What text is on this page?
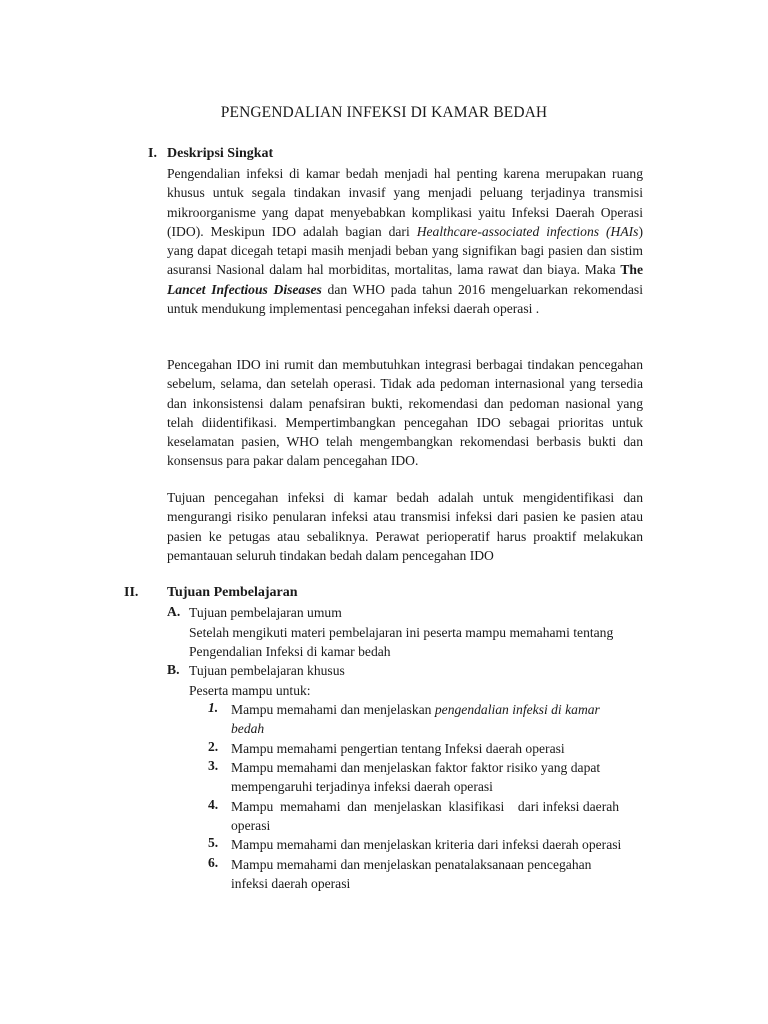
PENGENDALIAN INFEKSI DI KAMAR BEDAH
I. Deskripsi Singkat

Pengendalian infeksi di kamar bedah menjadi hal penting karena merupakan ruang khusus untuk segala tindakan invasif yang menjadi peluang terjadinya transmisi mikroorganisme yang dapat menyebabkan komplikasi yaitu Infeksi Daerah Operasi (IDO). Meskipun IDO adalah bagian dari Healthcare-associated infections (HAIs) yang dapat dicegah tetapi masih menjadi beban yang signifikan bagi pasien dan sistim asuransi Nasional dalam hal morbiditas, mortalitas, lama rawat dan biaya. Maka The Lancet Infectious Diseases dan WHO pada tahun 2016 mengeluarkan rekomendasi untuk mendukung implementasi pencegahan infeksi daerah operasi .

Pencegahan IDO ini rumit dan membutuhkan integrasi berbagai tindakan pencegahan sebelum, selama, dan setelah operasi. Tidak ada pedoman internasional yang tersedia dan inkonsistensi dalam penafsiran bukti, rekomendasi dan pedoman nasional yang telah diidentifikasi. Mempertimbangkan pencegahan IDO sebagai prioritas untuk keselamatan pasien, WHO telah mengembangkan rekomendasi berbasis bukti dan konsensus para pakar dalam pencegahan IDO.

Tujuan pencegahan infeksi di kamar bedah adalah untuk mengidentifikasi dan mengurangi risiko penularan infeksi atau transmisi infeksi dari pasien ke pasien atau pasien ke petugas atau sebaliknya. Perawat perioperatif harus proaktif melakukan pemantauan seluruh tindakan bedah dalam pencegahan IDO

II. Tujuan Pembelajaran
A. Tujuan pembelajaran umum
Setelah mengikuti materi pembelajaran ini peserta mampu memahami tentang
Pengendalian Infeksi di kamar bedah
B. Tujuan pembelajaran khusus
Peserta mampu untuk:
1. Mampu memahami dan menjelaskan pengendalian infeksi di kamar
bedah
2. Mampu memahami pengertian tentang Infeksi daerah operasi
3. Mampu memahami dan menjelaskan faktor faktor risiko yang dapat
mempengaruhi terjadinya infeksi daerah operasi
4. Mampu  memahami  dan  menjelaskan  klasifikasi    dari infeksi daerah
operasi
5. Mampu memahami dan menjelaskan kriteria dari infeksi daerah operasi
6. Mampu memahami dan menjelaskan penatalaksanaan pencegahan
infeksi daerah operasi
